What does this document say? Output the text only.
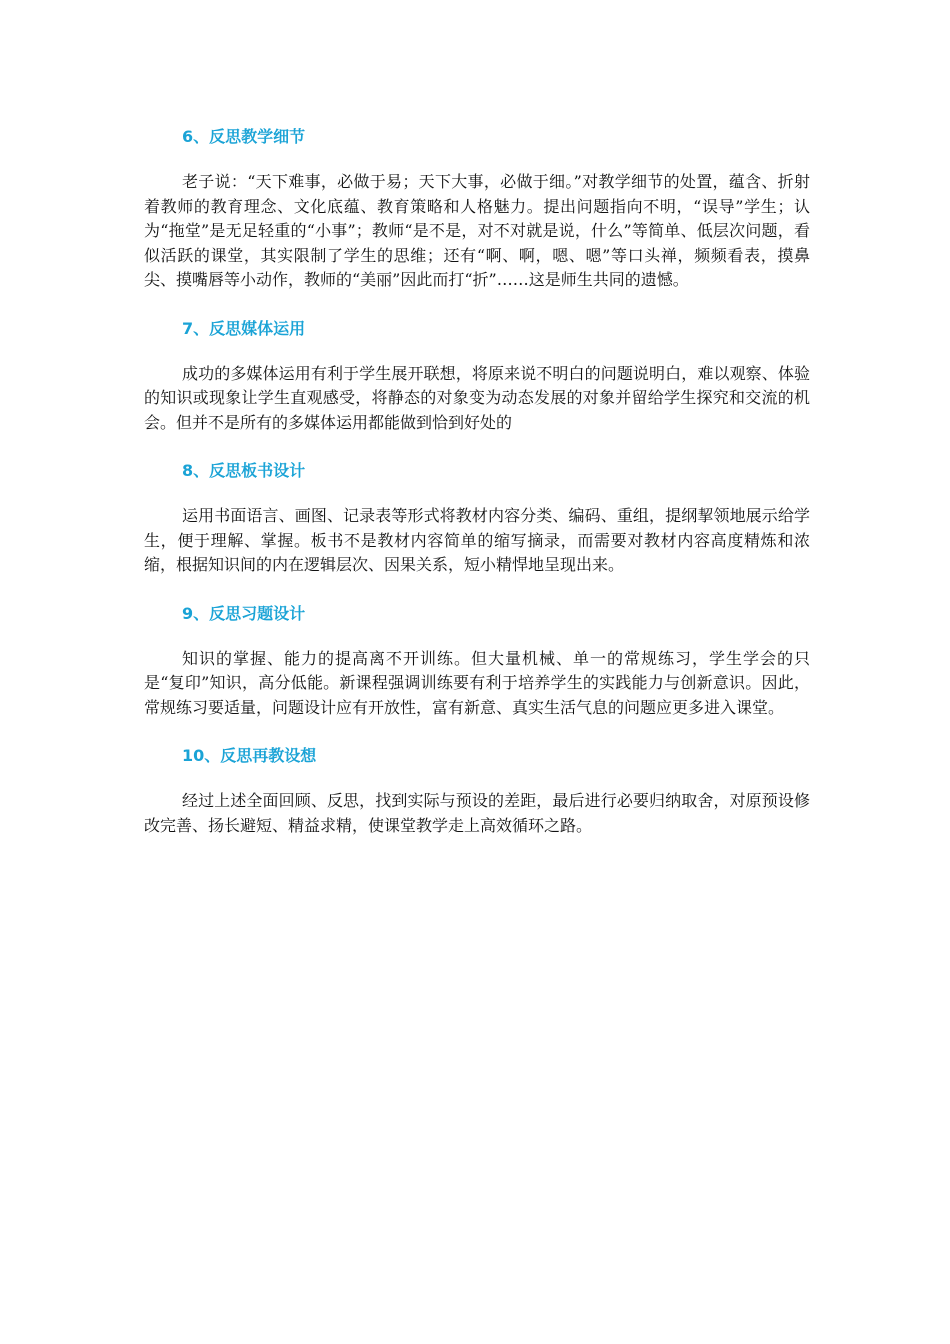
6、反思教学细节

老子说：“天下难事，必做于易；天下大事，必做于细。”对教学细节的处置，蕴含、折射着教师的教育理念、文化底蕴、教育策略和人格魅力。提出问题指向不明，“误导”学生；认为“拖堂”是无足轻重的“小事”；教师“是不是，对不对就是说，什么”等简单、低层次问题，看似活跃的课堂，其实限制了学生的思维；还有“啊、啊，嗯、嗯”等口头禅，频频看表，摸鼻尖、摸嘴唇等小动作，教师的“美丽”因此而打“折”……这是师生共同的遗憾。

7、反思媒体运用

成功的多媒体运用有利于学生展开联想，将原来说不明白的问题说明白，难以观察、体验的知识或现象让学生直观感受，将静态的对象变为动态发展的对象并留给学生探究和交流的机会。但并不是所有的多媒体运用都能做到恰到好处的

8、反思板书设计

运用书面语言、画图、记录表等形式将教材内容分类、编码、重组，提纲挈领地展示给学生，便于理解、掌握。板书不是教材内容简单的缩写摘录，而需要对教材内容高度精炼和浓缩，根据知识间的内在逻辑层次、因果关系，短小精悍地呈现出来。

9、反思习题设计

知识的掌握、能力的提高离不开训练。但大量机械、单一的常规练习，学生学会的只是“复印”知识，高分低能。新课程强调训练要有利于培养学生的实践能力与创新意识。因此，常规练习要适量，问题设计应有开放性，富有新意、真实生活气息的问题应更多进入课堂。

10、反思再教设想

经过上述全面回顾、反思，找到实际与预设的差距，最后进行必要归纳取舍，对原预设修改完善、扬长避短、精益求精，使课堂教学走上高效循环之路。
